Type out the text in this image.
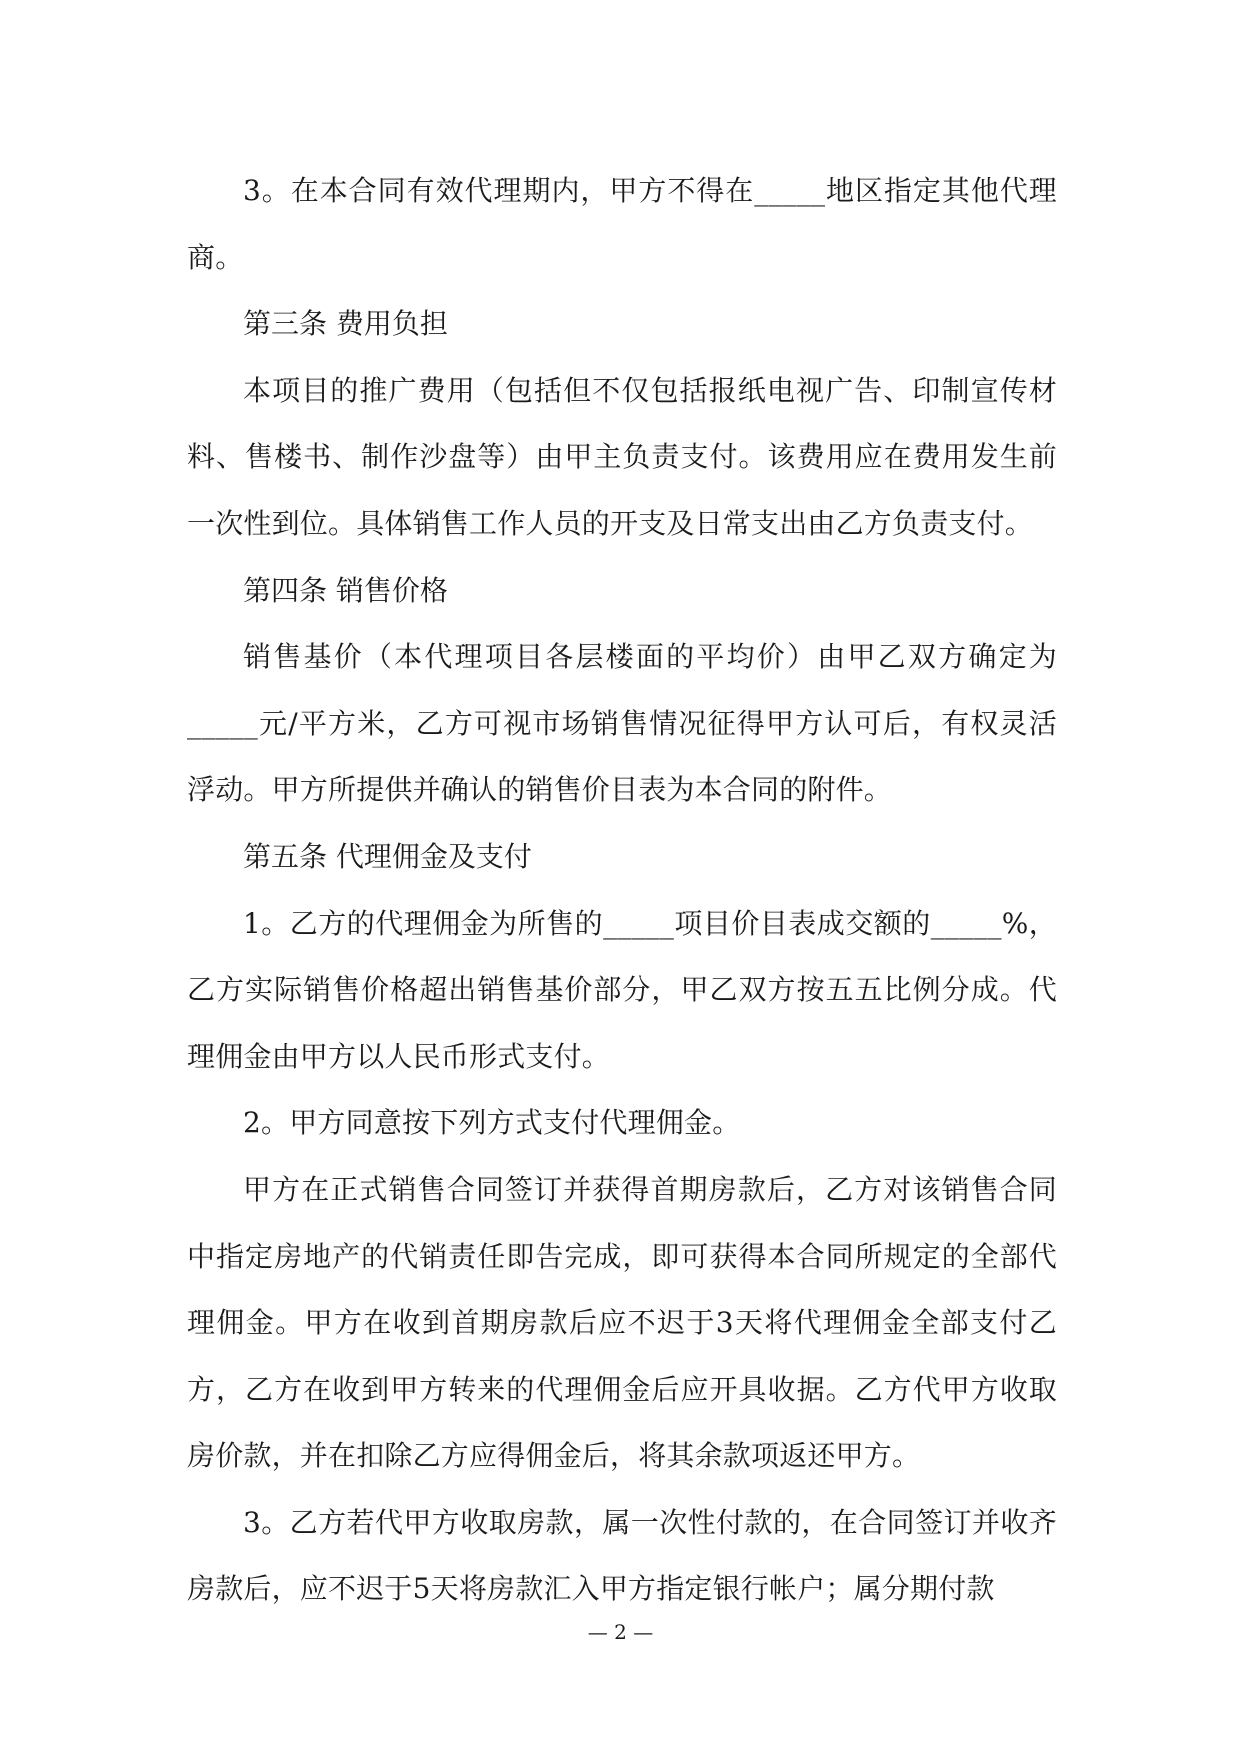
3。在本合同有效代理期内，甲方不得在_____地区指定其他代理商。

第三条 费用负担

本项目的推广费用（包括但不仅包括报纸电视广告、印制宣传材料、售楼书、制作沙盘等）由甲主负责支付。该费用应在费用发生前一次性到位。具体销售工作人员的开支及日常支出由乙方负责支付。

第四条 销售价格

销售基价（本代理项目各层楼面的平均价）由甲乙双方确定为_____元/平方米，乙方可视市场销售情况征得甲方认可后，有权灵活浮动。甲方所提供并确认的销售价目表为本合同的附件。

第五条 代理佣金及支付

1。乙方的代理佣金为所售的_____项目价目表成交额的_____%，乙方实际销售价格超出销售基价部分，甲乙双方按五五比例分成。代理佣金由甲方以人民币形式支付。

2。甲方同意按下列方式支付代理佣金。

甲方在正式销售合同签订并获得首期房款后，乙方对该销售合同中指定房地产的代销责任即告完成，即可获得本合同所规定的全部代理佣金。甲方在收到首期房款后应不迟于3天将代理佣金全部支付乙方，乙方在收到甲方转来的代理佣金后应开具收据。乙方代甲方收取房价款，并在扣除乙方应得佣金后，将其余款项返还甲方。

3。乙方若代甲方收取房款，属一次性付款的，在合同签订并收齐房款后，应不迟于5天将房款汇入甲方指定银行帐户；属分期付款

— 2 —
